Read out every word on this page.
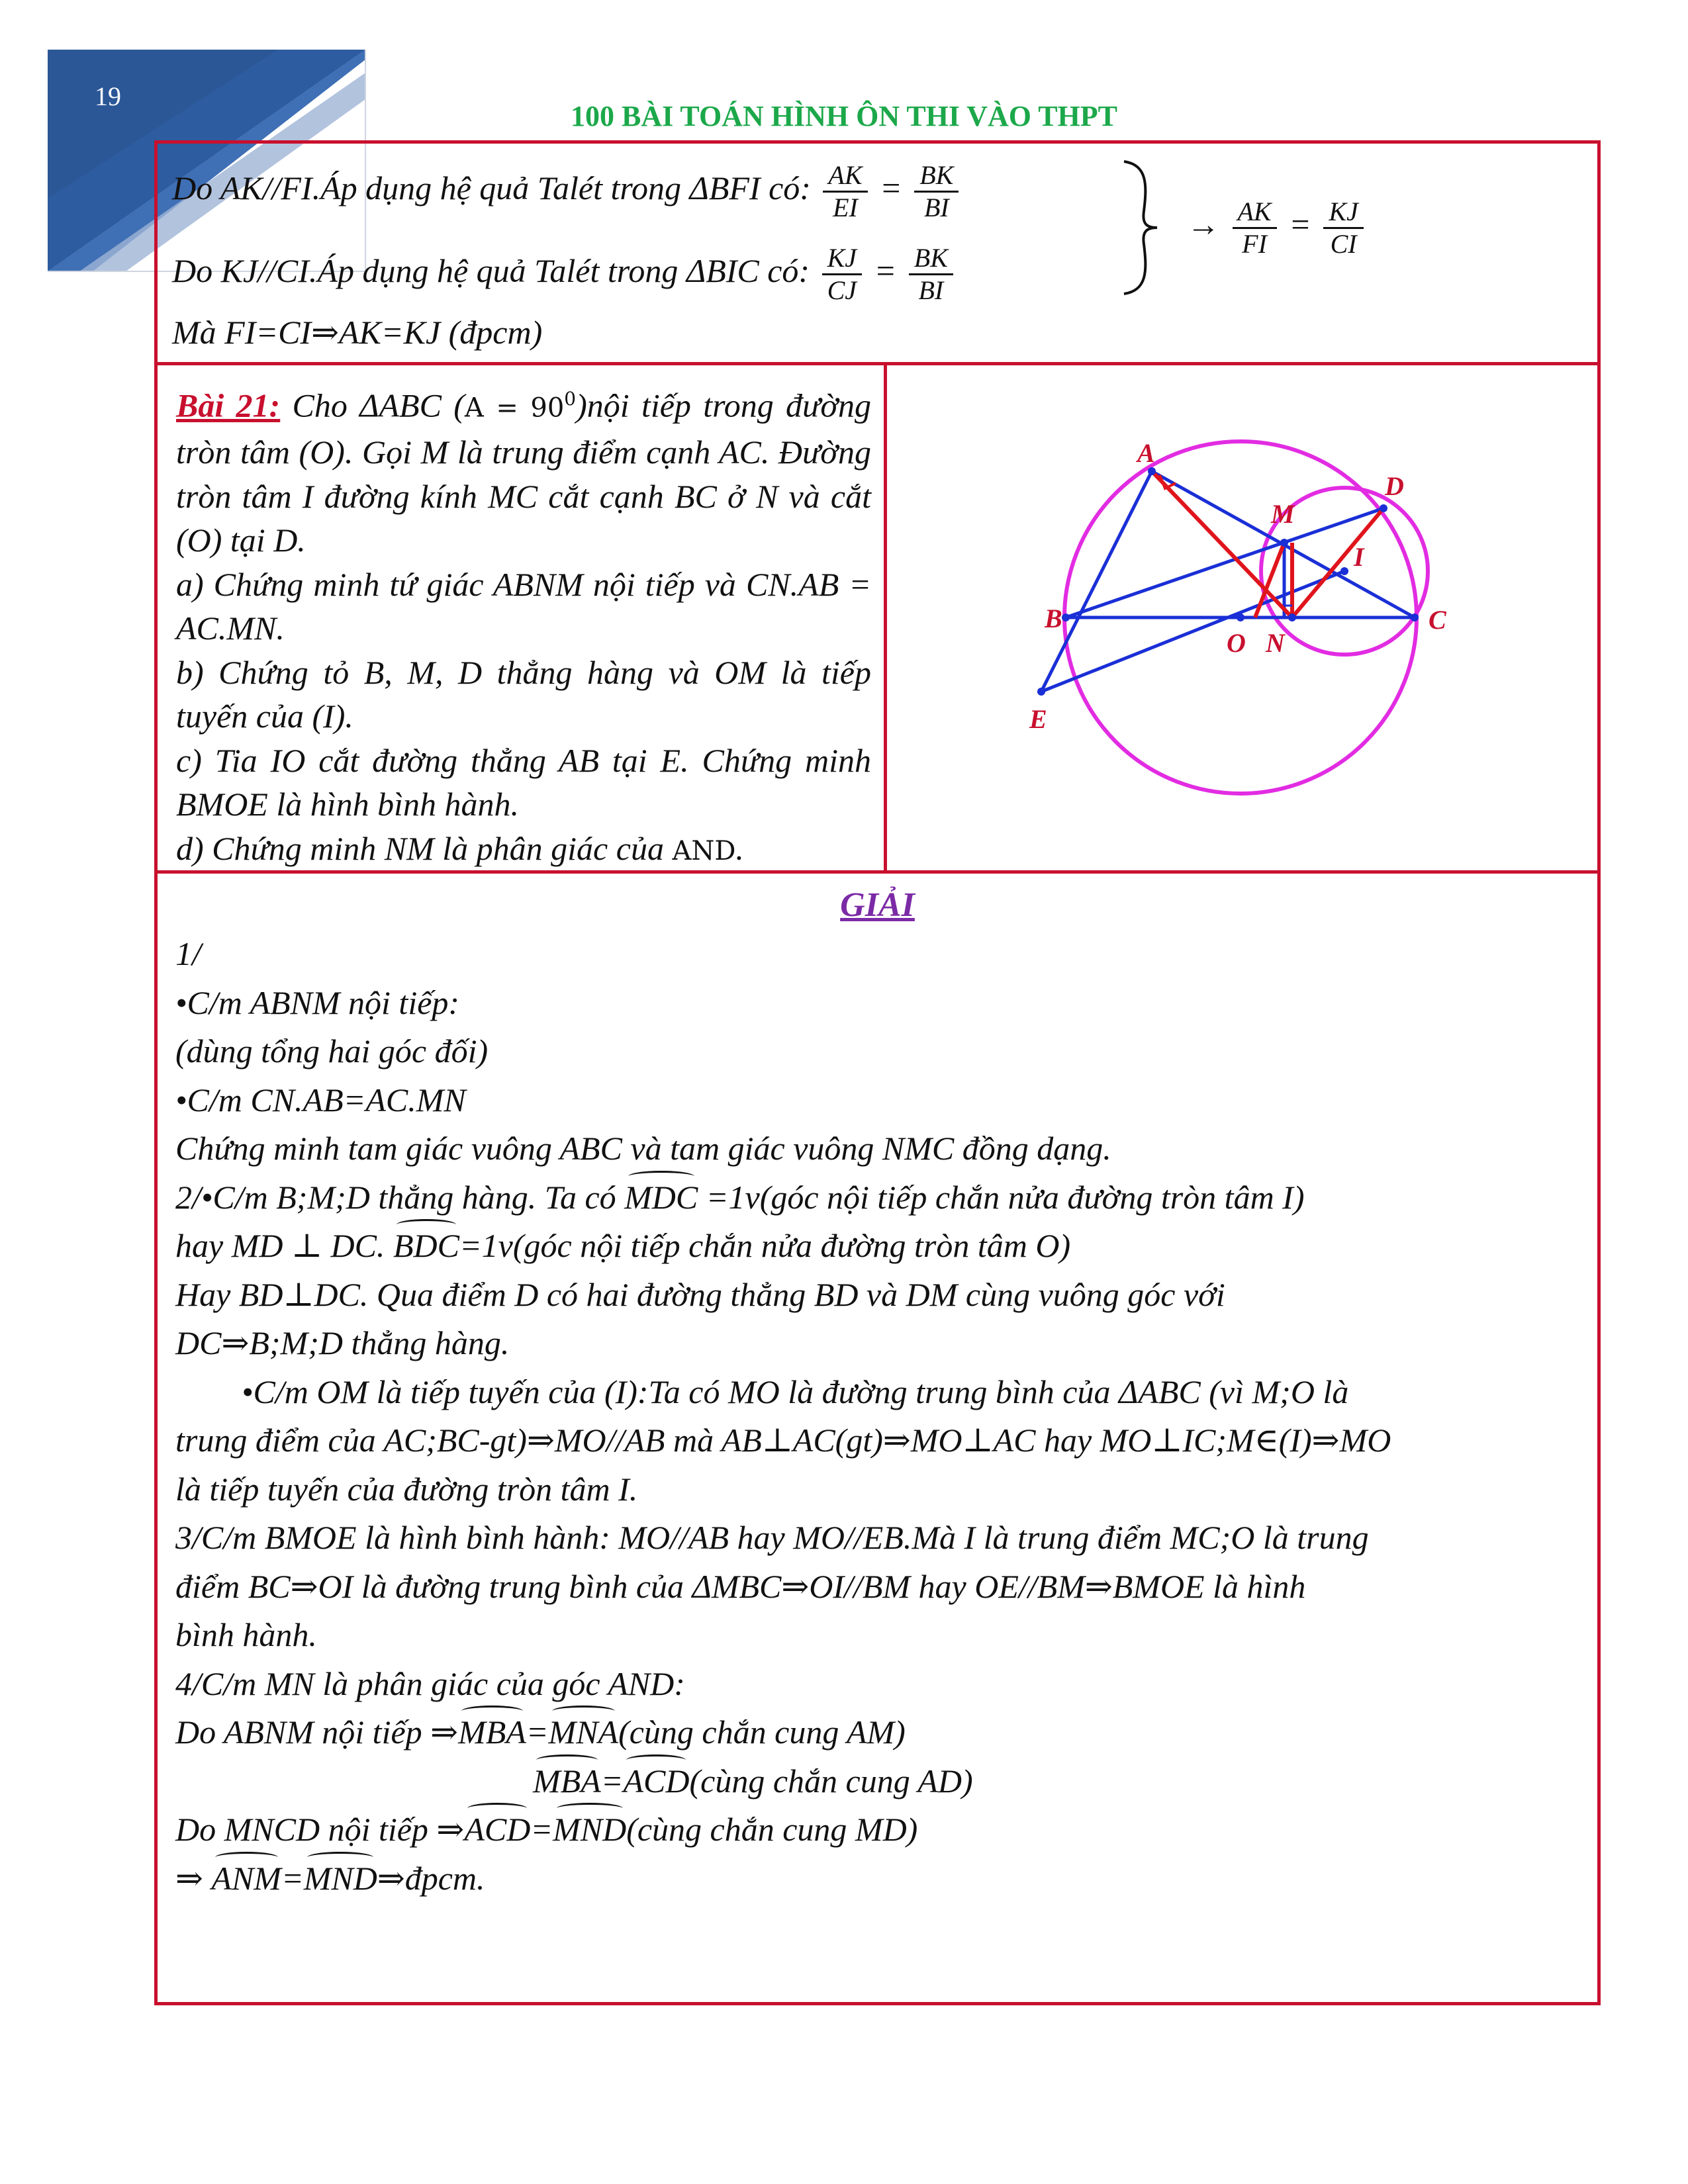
19
100 BÀI TOÁN HÌNH ÔN THI VÀO THPT
Do AK//FI.Áp dụng hệ quả Talét trong ΔBFI có: $\frac{AK}{EI} = \frac{BK}{BI}$
Do KJ//CI.Áp dụng hệ quả Talét trong ΔBIC có: $\frac{KJ}{CJ} = \frac{BK}{BI}$
→ $\frac{AK}{FI} = \frac{KJ}{CI}$
Mà FI=CI⇒AK=KJ (đpcm)
Bài 21: Cho ΔABC $(A = 90^0)nội$ tiếp trong đường tròn tâm (O). Gọi M là trung điểm cạnh AC. Đường tròn tâm I đường kính MC cắt cạnh BC ở N và cắt (O) tại D.
a) Chứng minh tứ giác ABNM nội tiếp và CN.AB = AC.MN.
b) Chứng tỏ B, M, D thẳng hàng và OM là tiếp tuyến của (I).
c) Tia IO cắt đường thẳng AB tại E. Chứng minh BMOE là hình bình hành.
d) Chứng minh NM là phân giác của AND.
A
B	C
D
M
I
O N
E
GIẢI
1/
•C/m ABNM nội tiếp:
(dùng tổng hai góc đối)
•C/m CN.AB=AC.MN
Chứng minh tam giác vuông ABC và tam giác vuông NMC đồng dạng.
2/•C/m B;M;D thẳng hàng. Ta có MDC =1v(góc nội tiếp chắn nửa đường tròn tâm I)
hay MD ⊥ DC. BDC=1v(góc nội tiếp chắn nửa đường tròn tâm O)
Hay BD⊥DC. Qua điểm D có hai đường thẳng BD và DM cùng vuông góc với
DC⇒B;M;D thẳng hàng.
•C/m OM là tiếp tuyến của (I):Ta có MO là đường trung bình của ΔABC (vì M;O là
trung điểm của AC;BC-gt)⇒MO//AB mà AB⊥AC(gt)⇒MO⊥AC hay MO⊥IC;M∈(I)⇒MO
là tiếp tuyến của đường tròn tâm I.
3/C/m BMOE là hình bình hành: MO//AB hay MO//EB.Mà I là trung điểm MC;O là trung
điểm BC⇒OI là đường trung bình của ΔMBC⇒OI//BM hay OE//BM⇒BMOE là hình
bình hành.
4/C/m MN là phân giác của góc AND:
Do ABNM nội tiếp ⇒MBA=MNA(cùng chắn cung AM)
MBA=ACD(cùng chắn cung AD)
Do MNCD nội tiếp ⇒ACD=MND(cùng chắn cung MD)
⇒ ANM=MND⇒đpcm.
